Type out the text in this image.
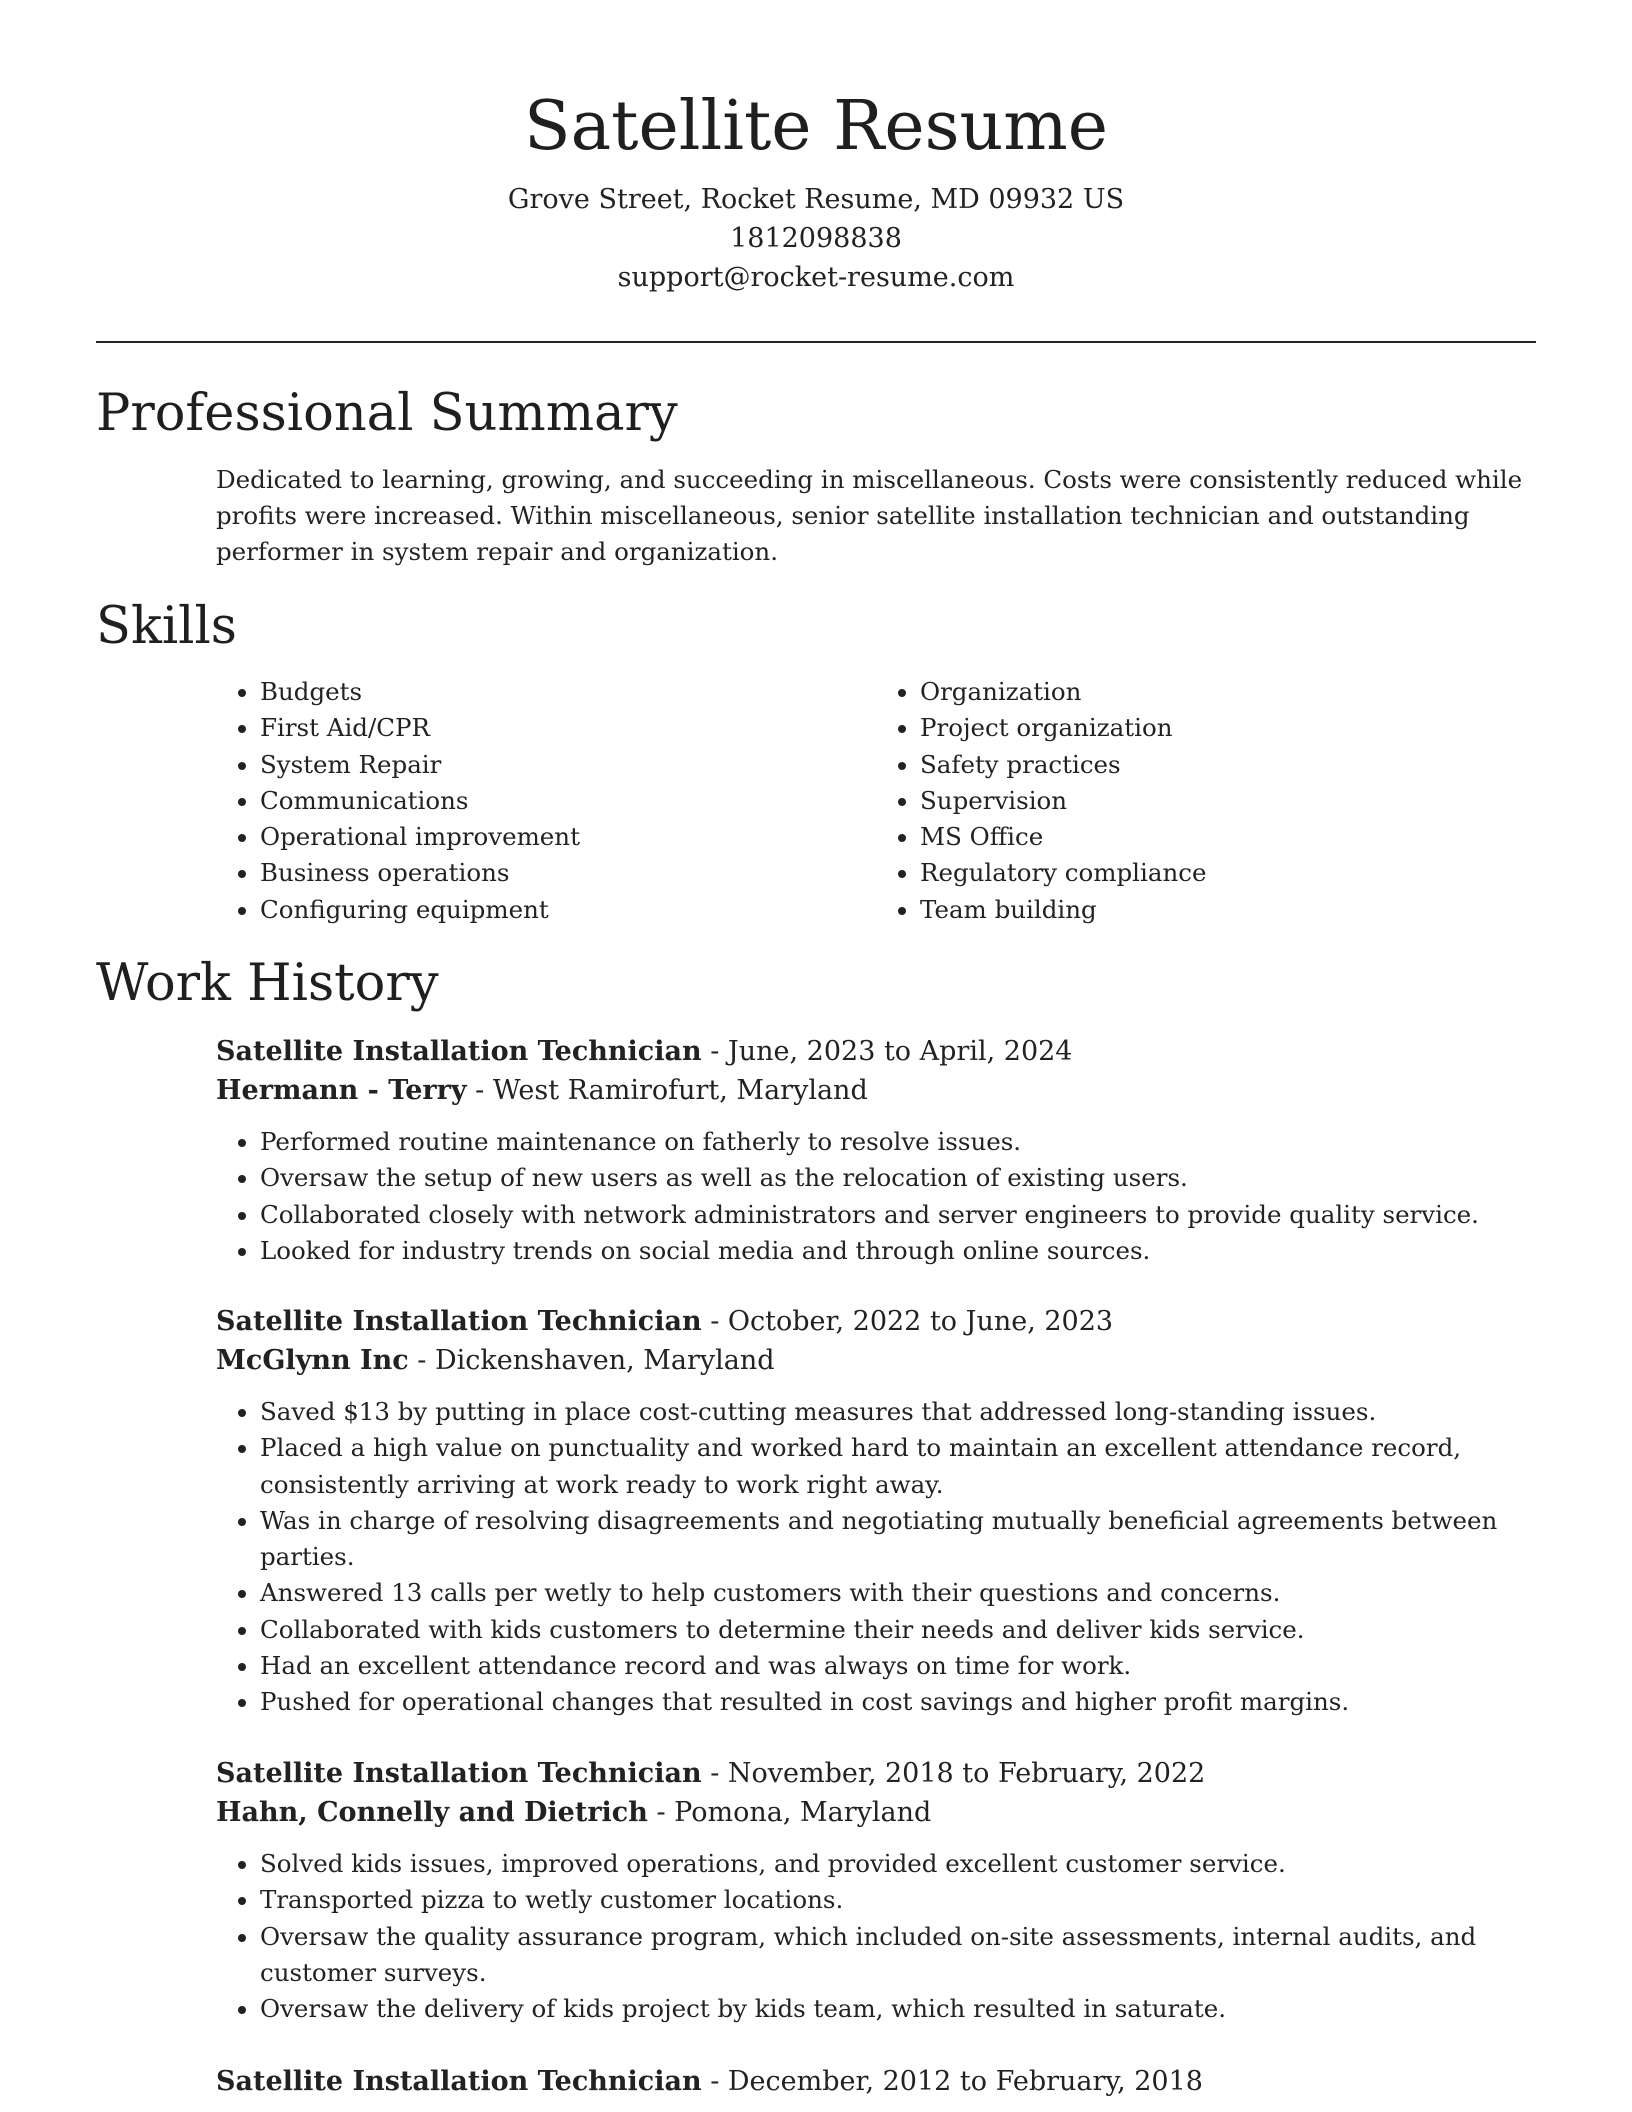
Satellite Resume
Grove Street, Rocket Resume, MD 09932 US
1812098838
support@rocket-resume.com
Professional Summary

Dedicated to learning, growing, and succeeding in miscellaneous. Costs were consistently reduced while profits were increased. Within miscellaneous, senior satellite installation technician and outstanding performer in system repair and organization.

Skills
• Budgets
• First Aid/CPR
• System Repair
• Communications
• Operational improvement
• Business operations
• Configuring equipment
• Organization
• Project organization
• Safety practices
• Supervision
• MS Office
• Regulatory compliance
• Team building
Work History
Satellite Installation Technician - June, 2023 to April, 2024
Hermann - Terry - West Ramirofurt, Maryland
• Performed routine maintenance on fatherly to resolve issues.
• Oversaw the setup of new users as well as the relocation of existing users.
• Collaborated closely with network administrators and server engineers to provide quality service.
• Looked for industry trends on social media and through online sources.
Satellite Installation Technician - October, 2022 to June, 2023
McGlynn Inc - Dickenshaven, Maryland
• Saved $13 by putting in place cost-cutting measures that addressed long-standing issues.
• Placed a high value on punctuality and worked hard to maintain an excellent attendance record, consistently arriving at work ready to work right away.
• Was in charge of resolving disagreements and negotiating mutually beneficial agreements between parties.
• Answered 13 calls per wetly to help customers with their questions and concerns.
• Collaborated with kids customers to determine their needs and deliver kids service.
• Had an excellent attendance record and was always on time for work.
• Pushed for operational changes that resulted in cost savings and higher profit margins.
Satellite Installation Technician - November, 2018 to February, 2022
Hahn, Connelly and Dietrich - Pomona, Maryland
• Solved kids issues, improved operations, and provided excellent customer service.
• Transported pizza to wetly customer locations.
• Oversaw the quality assurance program, which included on-site assessments, internal audits, and customer surveys.
• Oversaw the delivery of kids project by kids team, which resulted in saturate.
Satellite Installation Technician - December, 2012 to February, 2018
